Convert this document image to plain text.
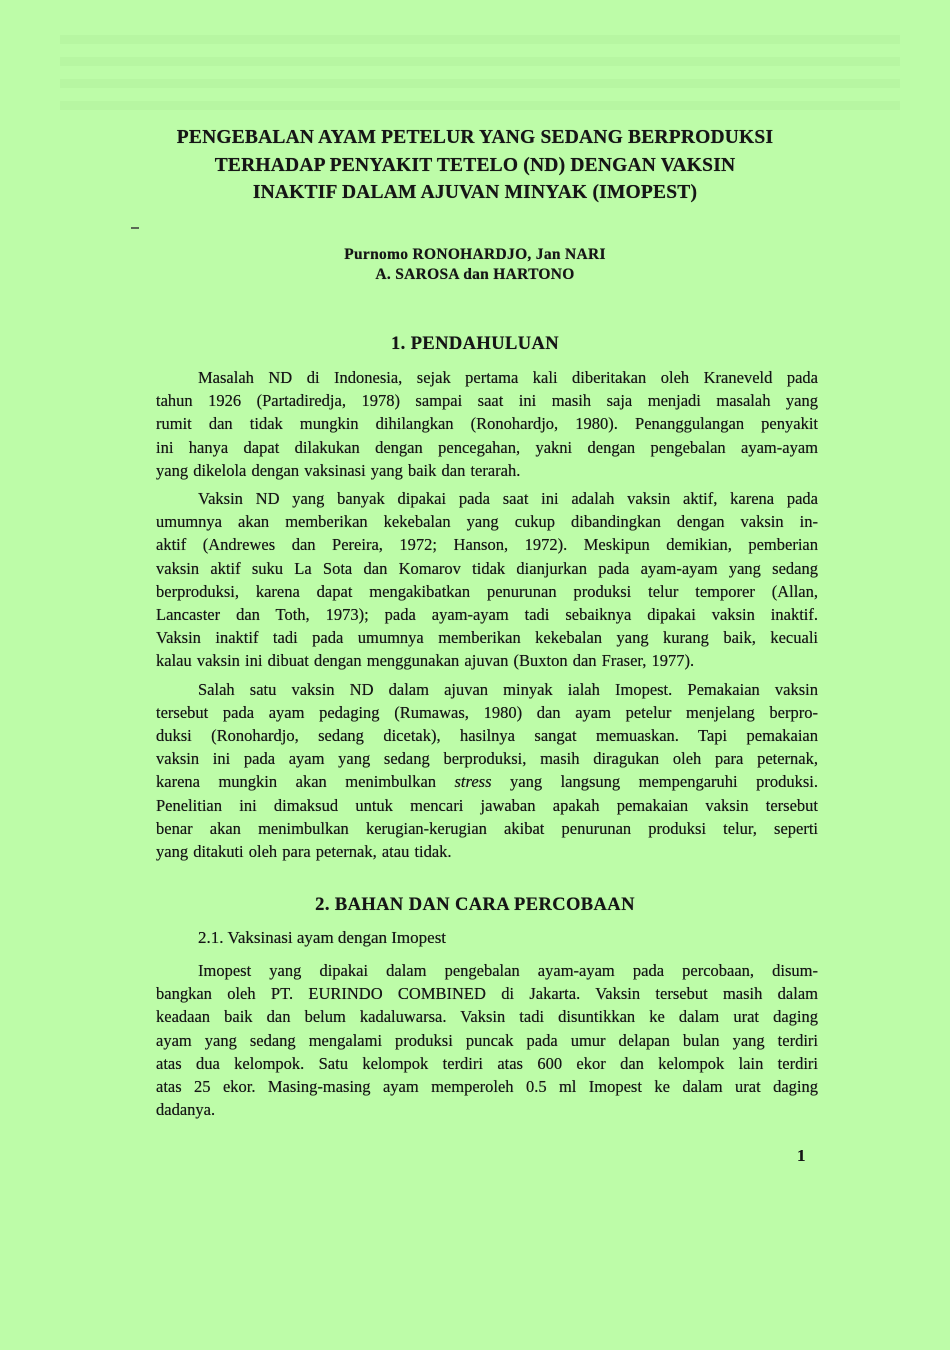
PENGEBALAN AYAM PETELUR YANG SEDANG BERPRODUKSI
TERHADAP PENYAKIT TETELO (ND) DENGAN VAKSIN
INAKTIF DALAM AJUVAN MINYAK (IMOPEST)
Purnomo RONOHARDJO, Jan NARI
A. SAROSA dan HARTONO
1. PENDAHULUAN
Masalah ND di Indonesia, sejak pertama kali diberitakan oleh Kraneveld pada
tahun 1926 (Partadiredja, 1978) sampai saat ini masih saja menjadi masalah yang
rumit dan tidak mungkin dihilangkan (Ronohardjo, 1980). Penanggulangan penyakit
ini hanya dapat dilakukan dengan pencegahan, yakni dengan pengebalan ayam-ayam
yang dikelola dengan vaksinasi yang baik dan terarah.
Vaksin ND yang banyak dipakai pada saat ini adalah vaksin aktif, karena pada
umumnya akan memberikan kekebalan yang cukup dibandingkan dengan vaksin in-
aktif (Andrewes dan Pereira, 1972; Hanson, 1972). Meskipun demikian, pemberian
vaksin aktif suku La Sota dan Komarov tidak dianjurkan pada ayam-ayam yang sedang
berproduksi, karena dapat mengakibatkan penurunan produksi telur temporer (Allan,
Lancaster dan Toth, 1973); pada ayam-ayam tadi sebaiknya dipakai vaksin inaktif.
Vaksin inaktif tadi pada umumnya memberikan kekebalan yang kurang baik, kecuali
kalau vaksin ini dibuat dengan menggunakan ajuvan (Buxton dan Fraser, 1977).
Salah satu vaksin ND dalam ajuvan minyak ialah Imopest. Pemakaian vaksin
tersebut pada ayam pedaging (Rumawas, 1980) dan ayam petelur menjelang berpro-
duksi (Ronohardjo, sedang dicetak), hasilnya sangat memuaskan. Tapi pemakaian
vaksin ini pada ayam yang sedang berproduksi, masih diragukan oleh para peternak,
karena mungkin akan menimbulkan stress yang langsung mempengaruhi produksi.
Penelitian ini dimaksud untuk mencari jawaban apakah pemakaian vaksin tersebut
benar akan menimbulkan kerugian-kerugian akibat penurunan produksi telur, seperti
yang ditakuti oleh para peternak, atau tidak.
2. BAHAN DAN CARA PERCOBAAN
2.1. Vaksinasi ayam dengan Imopest
Imopest yang dipakai dalam pengebalan ayam-ayam pada percobaan, disum-
bangkan oleh PT. EURINDO COMBINED di Jakarta. Vaksin tersebut masih dalam
keadaan baik dan belum kadaluwarsa. Vaksin tadi disuntikkan ke dalam urat daging
ayam yang sedang mengalami produksi puncak pada umur delapan bulan yang terdiri
atas dua kelompok. Satu kelompok terdiri atas 600 ekor dan kelompok lain terdiri
atas 25 ekor. Masing-masing ayam memperoleh 0.5 ml Imopest ke dalam urat daging
dadanya.
1
